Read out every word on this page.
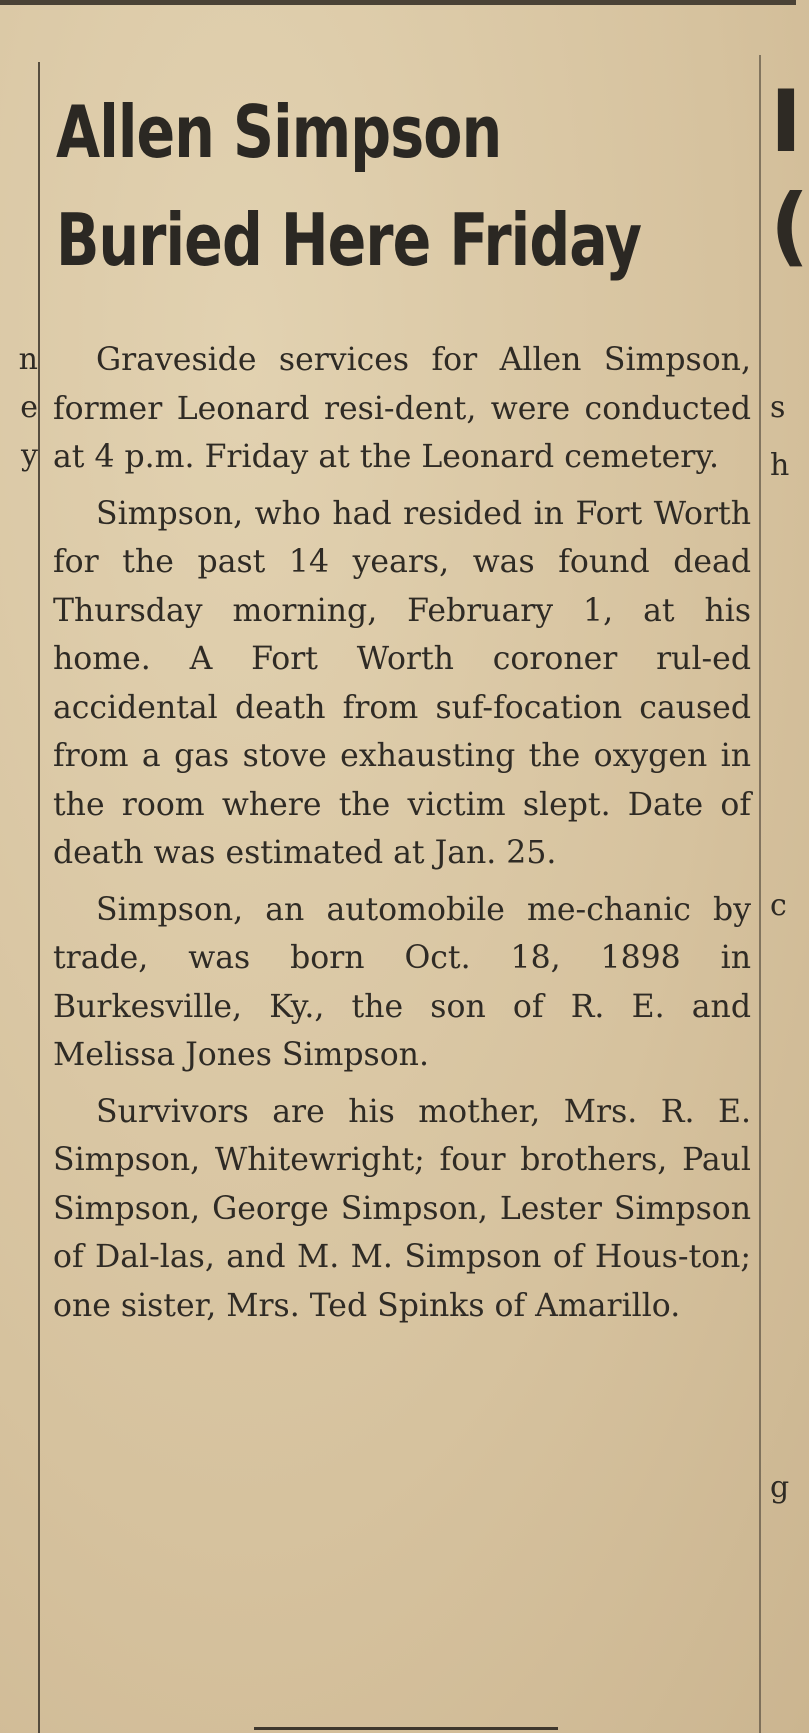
n
e
y
I
(
s
h
c
g
Allen Simpson Buried Here Friday

Graveside services for Allen Simpson, former Leonard resi-dent, were conducted at 4 p.m. Friday at the Leonard cemetery.

Simpson, who had resided in Fort Worth for the past 14 years, was found dead Thursday morning, February 1, at his home. A Fort Worth coroner rul-ed accidental death from suf-focation caused from a gas stove exhausting the oxygen in the room where the victim slept. Date of death was estimated at Jan. 25.

Simpson, an automobile me-chanic by trade, was born Oct. 18, 1898 in Burkesville, Ky., the son of R. E. and Melissa Jones Simpson.

Survivors are his mother, Mrs. R. E. Simpson, Whitewright; four brothers, Paul Simpson, George Simpson, Lester Simpson of Dal-las, and M. M. Simpson of Hous-ton; one sister, Mrs. Ted Spinks of Amarillo.
